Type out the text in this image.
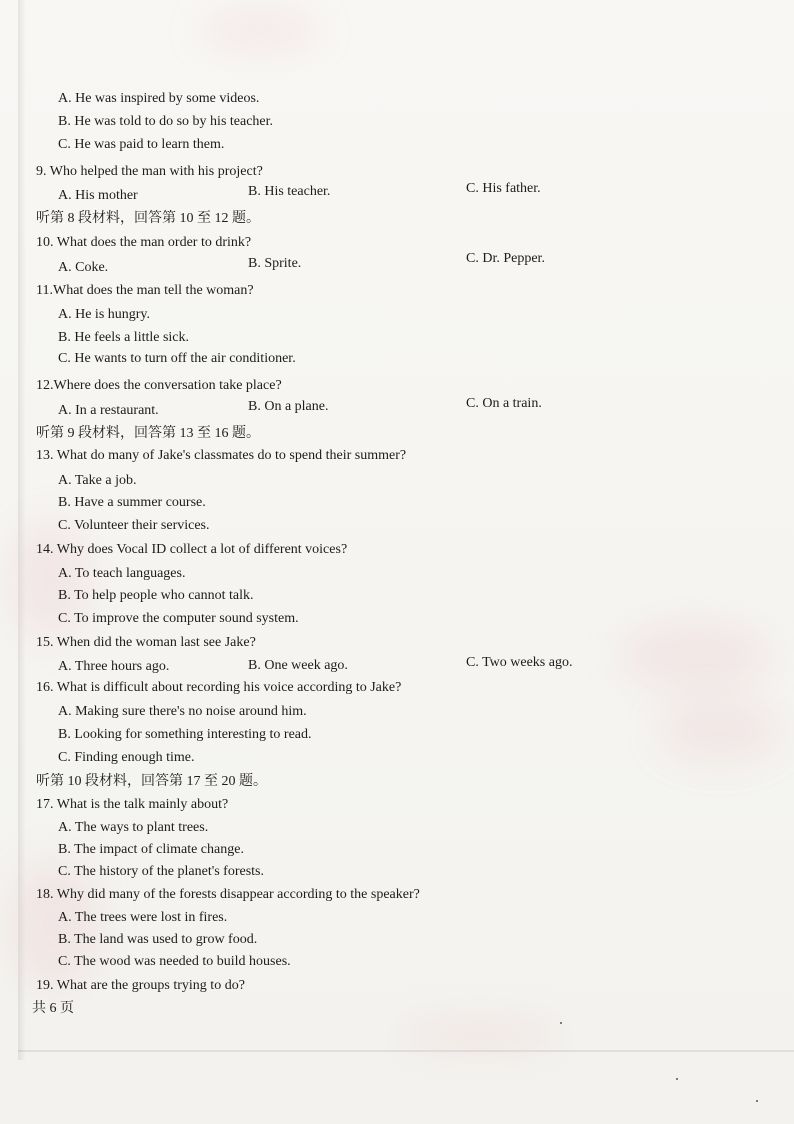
A. He was inspired by some videos.
B. He was told to do so by his teacher.
C. He was paid to learn them.
9. Who helped the man with his project?
A. His mother	B. His teacher.	C. His father.
听第 8 段材料，回答第 10 至 12 题。
10. What does the man order to drink?
A. Coke.	B. Sprite.	C. Dr. Pepper.
11.What does the man tell the woman?
A. He is hungry.
B. He feels a little sick.
C. He wants to turn off the air conditioner.
12.Where does the conversation take place?
A. In a restaurant.	B. On a plane.	C. On a train.
听第 9 段材料，回答第 13 至 16 题。
13. What do many of Jake's classmates do to spend their summer?
A. Take a job.
B. Have a summer course.
C. Volunteer their services.
14. Why does Vocal ID collect a lot of different voices?
A. To teach languages.
B. To help people who cannot talk.
C. To improve the computer sound system.
15. When did the woman last see Jake?
A. Three hours ago.	B. One week ago.	C. Two weeks ago.
16. What is difficult about recording his voice according to Jake?
A. Making sure there's no noise around him.
B. Looking for something interesting to read.
C. Finding enough time.
听第 10 段材料，回答第 17 至 20 题。
17. What is the talk mainly about?
A. The ways to plant trees.
B. The impact of climate change.
C. The history of the planet's forests.
18. Why did many of the forests disappear according to the speaker?
A. The trees were lost in fires.
B. The land was used to grow food.
C. The wood was needed to build houses.
19. What are the groups trying to do?
共 6 页
